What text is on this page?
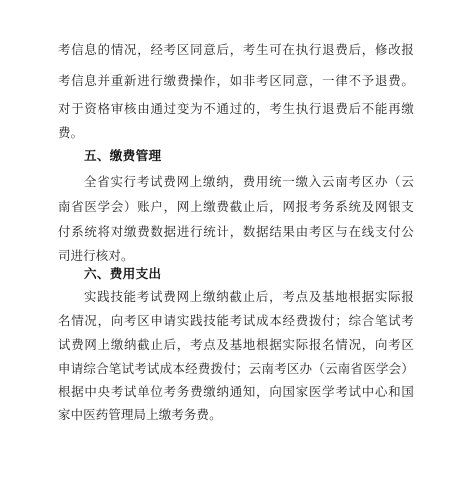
考信息的情况，经考区同意后，考生可在执行退费后，修改报
考信息并重新进行缴费操作，如非考区同意，一律不予退费。
对于资格审核由通过变为不通过的，考生执行退费后不能再缴
费。
五、缴费管理
全省实行考试费网上缴纳，费用统一缴入云南考区办（云
南省医学会）账户，网上缴费截止后，网报考务系统及网银支
付系统将对缴费数据进行统计，数据结果由考区与在线支付公
司进行核对。
六、费用支出
实践技能考试费网上缴纳截止后，考点及基地根据实际报
名情况，向考区申请实践技能考试成本经费拨付；综合笔试考
试费网上缴纳截止后，考点及基地根据实际报名情况，向考区
申请综合笔试考试成本经费拨付；云南考区办（云南省医学会）
根据中央考试单位考务费缴纳通知，向国家医学考试中心和国
家中医药管理局上缴考务费。
